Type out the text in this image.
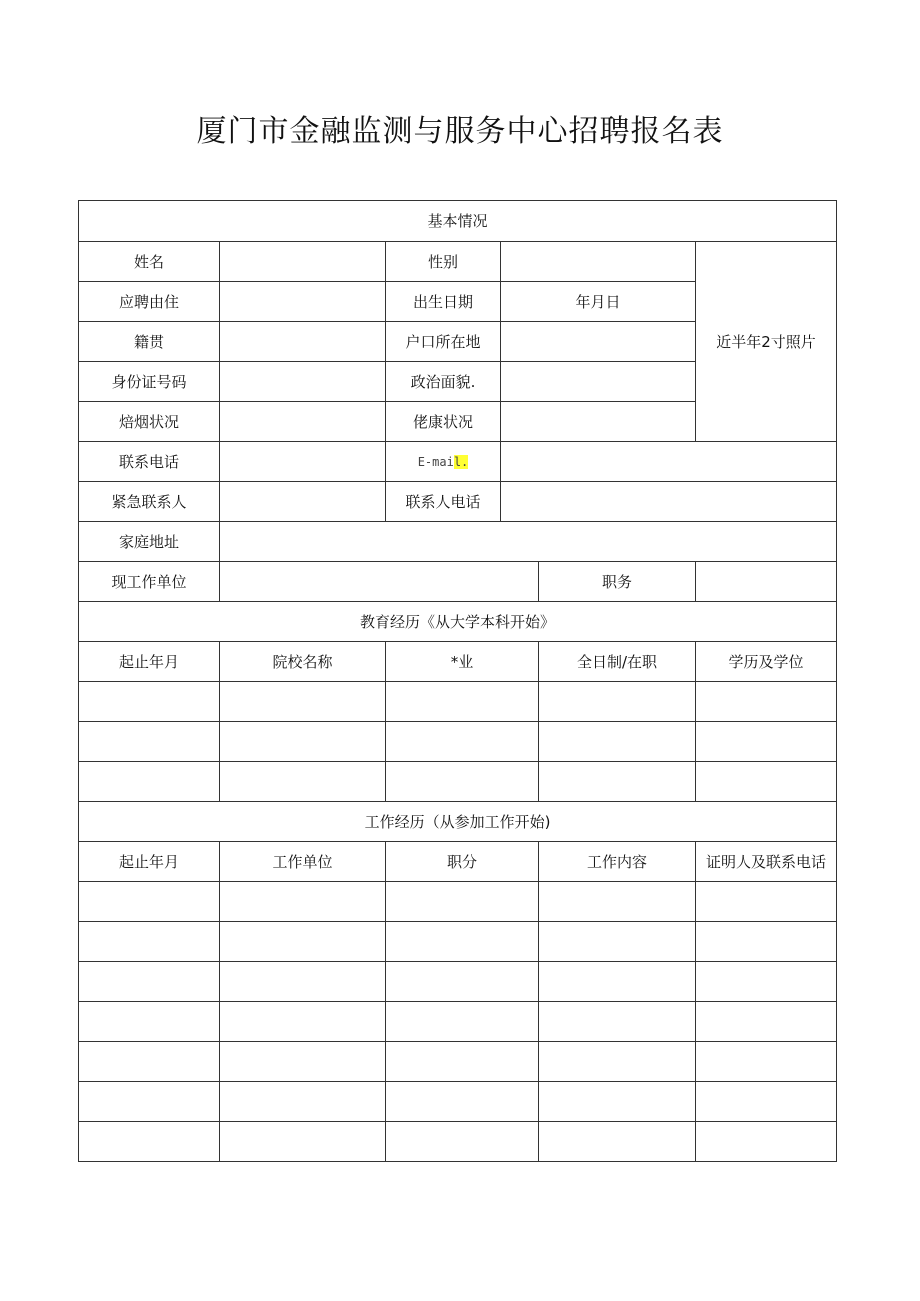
厦门市金融监测与服务中心招聘报名表
基本情况					
姓名		性别			近半年2寸照片
应聘由住		出生日期	年月日		
籍贯		户口所在地			
身份证号码		政治面貌.			
焙烟状况		佬康状况			
联系电话		E-mail.			
紧急联系人		联系人电话			
家庭地址					
现工作单位				职务	
教育经历《从大学本科开始》					
起止年月	院校名称	*业		全日制/在职	学历及学位

工作经历（从参加工作开始)					
起止年月	工作单位	职分		工作内容	证明人及联系电话
